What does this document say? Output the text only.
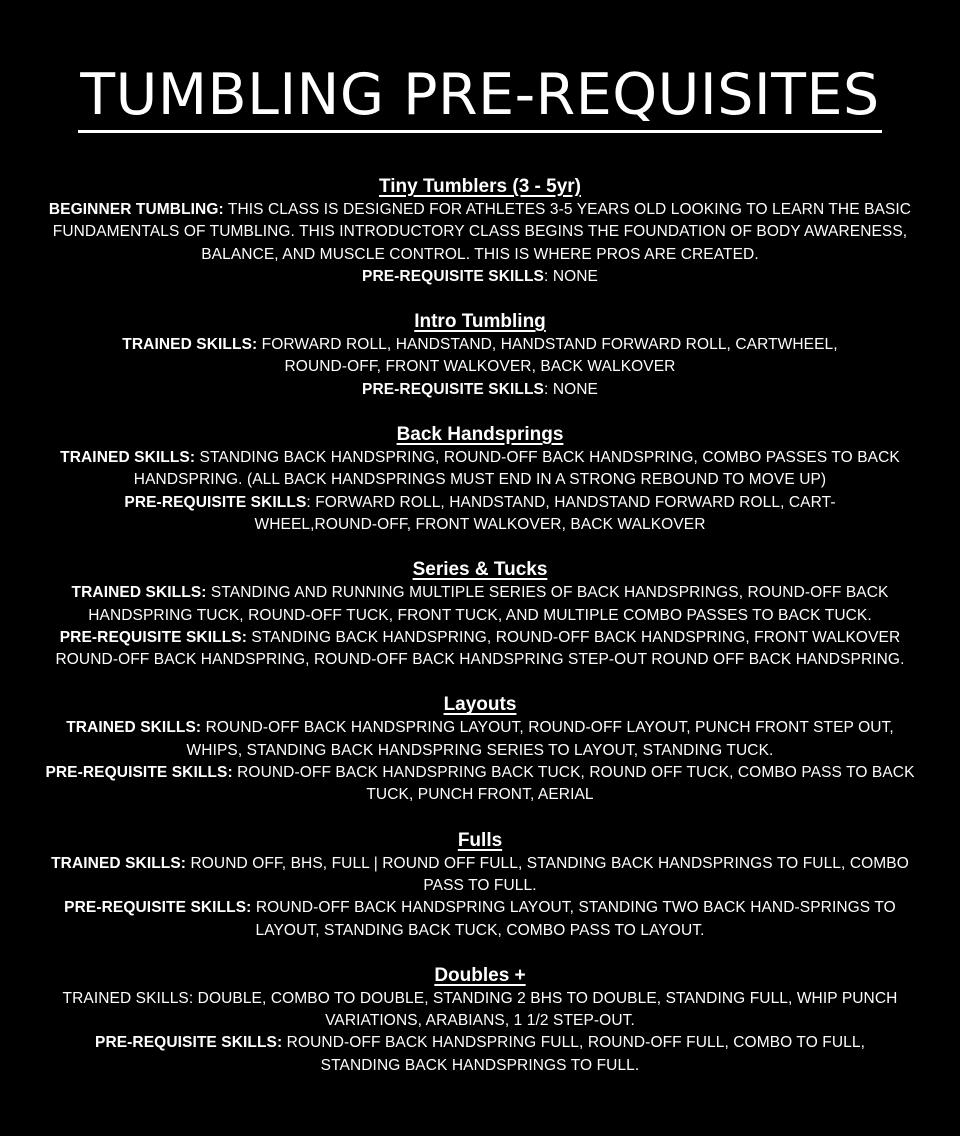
TUMBLING PRE-REQUISITES
Tiny Tumblers (3 - 5yr)

BEGINNER TUMBLING: THIS CLASS IS DESIGNED FOR ATHLETES 3-5 YEARS OLD LOOKING TO LEARN THE BASIC FUNDAMENTALS OF TUMBLING. THIS INTRODUCTORY CLASS BEGINS THE FOUNDATION OF BODY AWARENESS, BALANCE, AND MUSCLE CONTROL. THIS IS WHERE PROS ARE CREATED.

PRE-REQUISITE SKILLS: NONE

Intro Tumbling

TRAINED SKILLS: FORWARD ROLL, HANDSTAND, HANDSTAND FORWARD ROLL, CARTWHEEL, ROUND-OFF, FRONT WALKOVER, BACK WALKOVER

PRE-REQUISITE SKILLS: NONE

Back Handsprings

TRAINED SKILLS: STANDING BACK HANDSPRING, ROUND-OFF BACK HANDSPRING, COMBO PASSES TO BACK HANDSPRING. (ALL BACK HANDSPRINGS MUST END IN A STRONG REBOUND TO MOVE UP)

PRE-REQUISITE SKILLS: FORWARD ROLL, HANDSTAND, HANDSTAND FORWARD ROLL, CART-WHEEL,ROUND-OFF, FRONT WALKOVER, BACK WALKOVER

Series & Tucks

TRAINED SKILLS: STANDING AND RUNNING MULTIPLE SERIES OF BACK HANDSPRINGS, ROUND-OFF BACK HANDSPRING TUCK, ROUND-OFF TUCK, FRONT TUCK, AND MULTIPLE COMBO PASSES TO BACK TUCK.

PRE-REQUISITE SKILLS: STANDING BACK HANDSPRING, ROUND-OFF BACK HANDSPRING, FRONT WALKOVER ROUND-OFF BACK HANDSPRING, ROUND-OFF BACK HANDSPRING STEP-OUT ROUND OFF BACK HANDSPRING.

Layouts

TRAINED SKILLS: ROUND-OFF BACK HANDSPRING LAYOUT, ROUND-OFF LAYOUT, PUNCH FRONT STEP OUT, WHIPS, STANDING BACK HANDSPRING SERIES TO LAYOUT, STANDING TUCK.

PRE-REQUISITE SKILLS: ROUND-OFF BACK HANDSPRING BACK TUCK, ROUND OFF TUCK, COMBO PASS TO BACK TUCK, PUNCH FRONT, AERIAL

Fulls

TRAINED SKILLS: ROUND OFF, BHS, FULL | ROUND OFF FULL, STANDING BACK HANDSPRINGS TO FULL, COMBO PASS TO FULL.

PRE-REQUISITE SKILLS: ROUND-OFF BACK HANDSPRING LAYOUT, STANDING TWO BACK HAND-SPRINGS TO LAYOUT, STANDING BACK TUCK, COMBO PASS TO LAYOUT.

Doubles +

TRAINED SKILLS: DOUBLE, COMBO TO DOUBLE, STANDING 2 BHS TO DOUBLE, STANDING FULL, WHIP PUNCH VARIATIONS, ARABIANS, 1 1/2 STEP-OUT.

PRE-REQUISITE SKILLS: ROUND-OFF BACK HANDSPRING FULL, ROUND-OFF FULL, COMBO TO FULL, STANDING BACK HANDSPRINGS TO FULL.
